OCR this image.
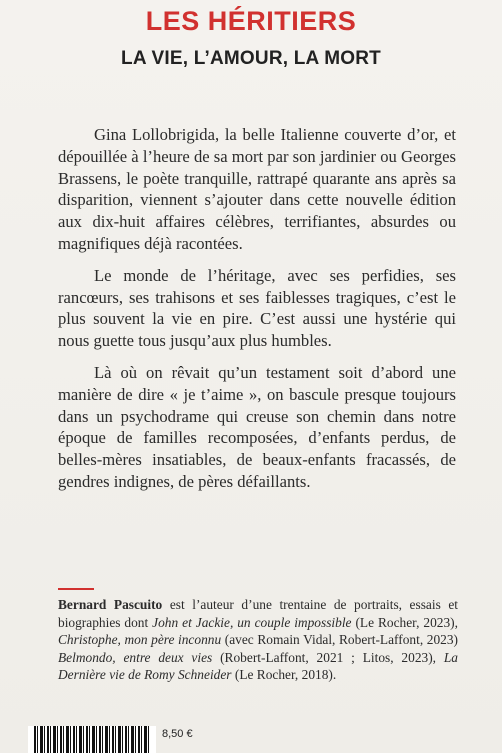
LES HÉRITIERS
LA VIE, L’AMOUR, LA MORT

Gina Lollobrigida, la belle Italienne couverte d’or, et dépouillée à l’heure de sa mort par son jardinier ou Georges Brassens, le poète tranquille, rattrapé quarante ans après sa disparition, viennent s’ajouter dans cette nouvelle édition aux dix-huit affaires célèbres, terrifiantes, absurdes ou magnifiques déjà racontées.

Le monde de l’héritage, avec ses perfidies, ses rancœurs, ses trahisons et ses faiblesses tragiques, c’est le plus souvent la vie en pire. C’est aussi une hystérie qui nous guette tous jusqu’aux plus humbles.

Là où on rêvait qu’un testament soit d’abord une manière de dire « je t’aime », on bascule presque toujours dans un psychodrame qui creuse son chemin dans notre époque de familles recomposées, d’enfants perdus, de belles-mères insatiables, de beaux-enfants fracassés, de gendres indignes, de pères défaillants.

Bernard Pascuito est l’auteur d’une trentaine de portraits, essais et biographies dont John et Jackie, un couple impossible (Le Rocher, 2023), Christophe, mon père inconnu (avec Romain Vidal, Robert-Laffont, 2023) Belmondo, entre deux vies (Robert-Laffont, 2021 ; Litos, 2023), La Dernière vie de Romy Schneider (Le Rocher, 2018).
8,50 €
